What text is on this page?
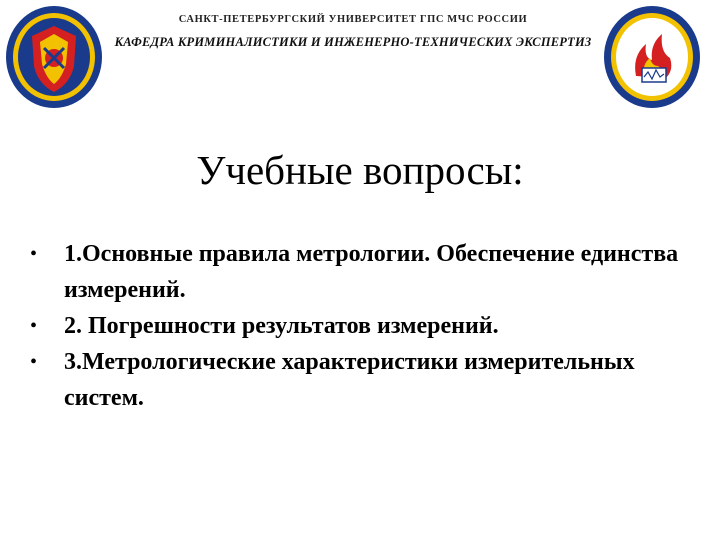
САНКТ-ПЕТЕРБУРГСКИЙ УНИВЕРСИТЕТ ГПС МЧС РОССИИ
КАФЕДРА КРИМИНАЛИСТИКИ И ИНЖЕНЕРНО-ТЕХНИЧЕСКИХ ЭКСПЕРТИЗ
Учебные вопросы:
• 1.Основные правила метрологии. Обеспечение единства измерений.
• 2. Погрешности результатов измерений.
• 3.Метрологические характеристики измерительных систем.
